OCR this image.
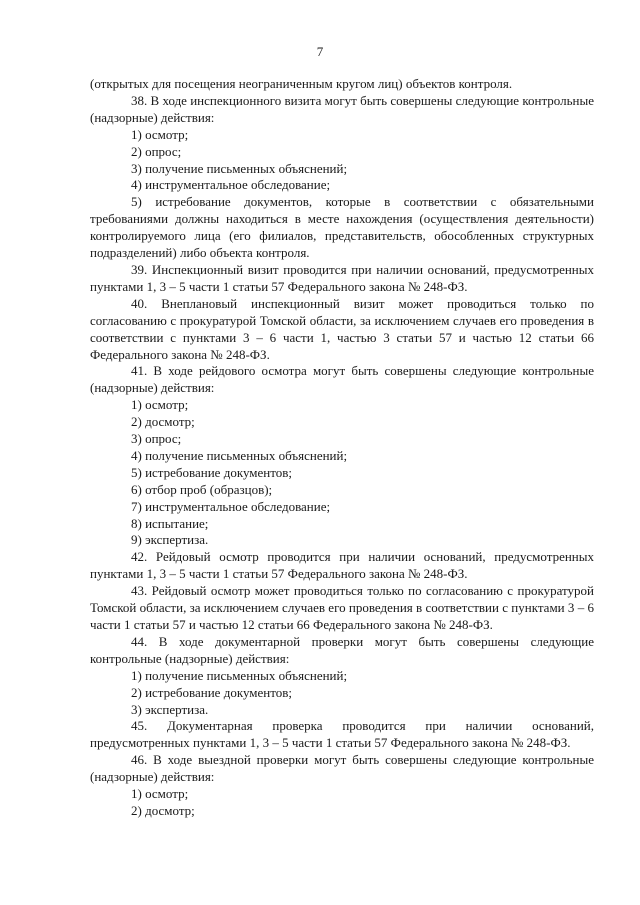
7

(открытых для посещения неограниченным кругом лиц) объектов контроля.

38. В ходе инспекционного визита могут быть совершены следующие контрольные (надзорные) действия:

1) осмотр;

2) опрос;

3) получение письменных объяснений;

4) инструментальное обследование;

5) истребование документов, которые в соответствии с обязательными требованиями должны находиться в месте нахождения (осуществления деятельности) контролируемого лица (его филиалов, представительств, обособленных структурных подразделений) либо объекта контроля.

39. Инспекционный визит проводится при наличии оснований, предусмотренных пунктами 1, 3 – 5 части 1 статьи 57 Федерального закона № 248-ФЗ.

40. Внеплановый инспекционный визит может проводиться только по согласованию с прокуратурой Томской области, за исключением случаев его проведения в соответствии с пунктами 3 – 6 части 1, частью 3 статьи 57 и частью 12 статьи 66 Федерального закона № 248-ФЗ.

41. В ходе рейдового осмотра могут быть совершены следующие контрольные (надзорные) действия:

1) осмотр;

2) досмотр;

3) опрос;

4) получение письменных объяснений;

5) истребование документов;

6) отбор проб (образцов);

7) инструментальное обследование;

8) испытание;

9) экспертиза.

42. Рейдовый осмотр проводится при наличии оснований, предусмотренных пунктами 1, 3 – 5 части 1 статьи 57 Федерального закона № 248-ФЗ.

43. Рейдовый осмотр может проводиться только по согласованию с прокуратурой Томской области, за исключением случаев его проведения в соответствии с пунктами 3 – 6 части 1 статьи 57 и частью 12 статьи 66 Федерального закона № 248-ФЗ.

44. В ходе документарной проверки могут быть совершены следующие контрольные (надзорные) действия:

1) получение письменных объяснений;

2) истребование документов;

3) экспертиза.

45. Документарная проверка проводится при наличии оснований, предусмотренных пунктами 1, 3 – 5 части 1 статьи 57 Федерального закона № 248-ФЗ.

46. В ходе выездной проверки могут быть совершены следующие контрольные (надзорные) действия:

1) осмотр;

2) досмотр;
